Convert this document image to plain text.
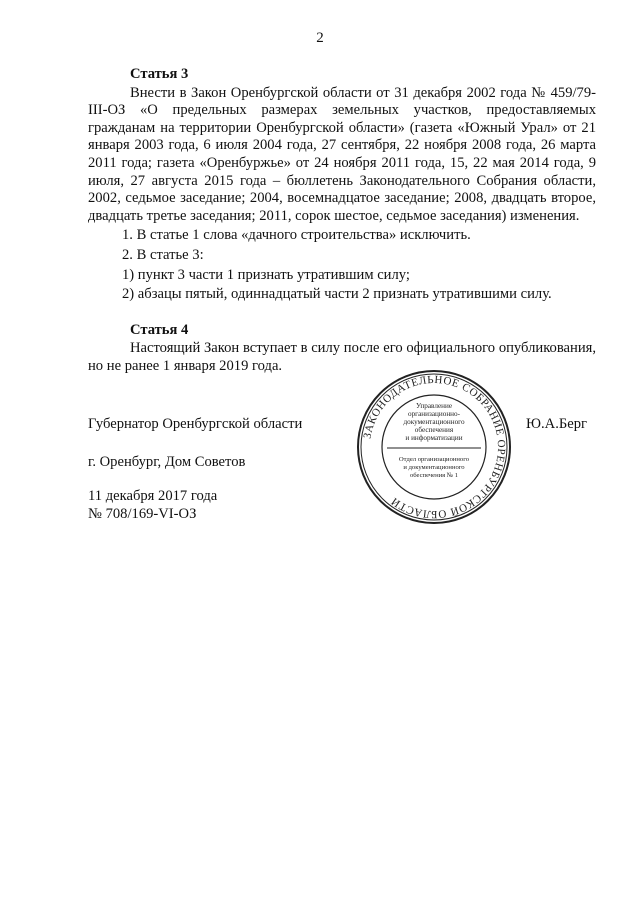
2
Статья 3

Внести в Закон Оренбургской области от 31 декабря 2002 года № 459/79-III-ОЗ «О предельных размерах земельных участков, предоставляемых гражданам на территории Оренбургской области» (газета «Южный Урал» от 21 января 2003 года, 6 июля 2004 года, 27 сентября, 22 ноября 2008 года, 26 марта 2011 года; газета «Оренбуржье» от 24 ноября 2011 года, 15, 22 мая 2014 года, 9 июля, 27 августа 2015 года – бюллетень Законодательного Собрания области, 2002, седьмое заседание; 2004, восемнадцатое заседание; 2008, двадцать второе, двадцать третье заседания; 2011, сорок шестое, седьмое заседания) изменения.

1. В статье 1 слова «дачного строительства» исключить.
2. В статье 3:
1) пункт 3 части 1 признать утратившим силу;
2) абзацы пятый, одиннадцатый части 2 признать утратившими силу.
Статья 4

Настоящий Закон вступает в силу после его официального опубликования, но не ранее 1 января 2019 года.

ЗАКОНОДАТЕЛЬНОЕ СОБРАНИЕ ОРЕНБУРГСКОЙ ОБЛАСТИ
Управление
организационно-
документационного
обеспечения
и информатизации
Отдел организационного
и документационного
обеспечения № 1
Губернатор Оренбургской области	Ю.А.Берг
г. Оренбург, Дом Советов
11 декабря 2017 года
№ 708/169-VI-ОЗ
